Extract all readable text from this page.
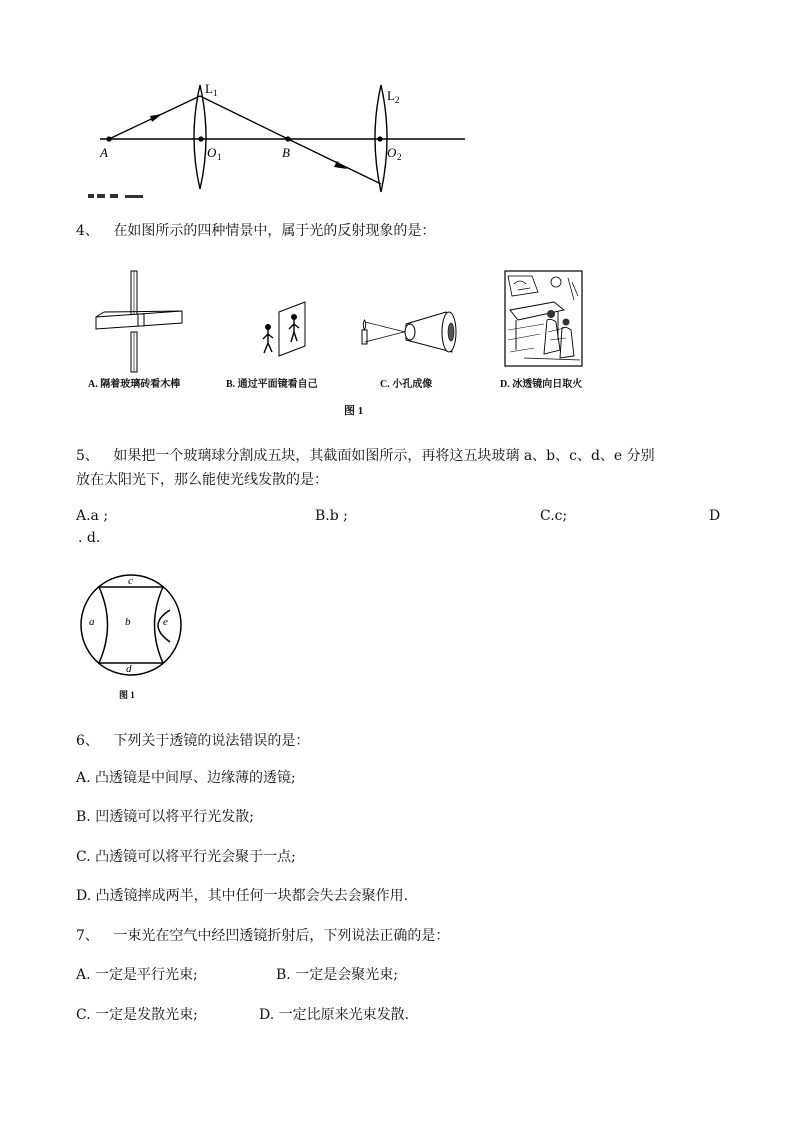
A	O 1	B	O 2
L 1	L 2
4、 在如图所示的四种情景中，属于光的反射现象的是：
A. 隔着玻璃砖看木棒	B. 通过平面镜看自己	C. 小孔成像	D. 冰透镜向日取火
图 1
5、 如果把一个玻璃球分割成五块，其截面如图所示，再将这五块玻璃 a、b、c、d、e 分别
放在太阳光下，那么能使光线发散的是：
A.a ;	B.b ;	C.c;	D
. d.
c
a	b	e
d
图 1
6、 下列关于透镜的说法错误的是：
A. 凸透镜是中间厚、边缘薄的透镜;
B. 凹透镜可以将平行光发散;
C. 凸透镜可以将平行光会聚于一点;
D. 凸透镜摔成两半，其中任何一块都会失去会聚作用.
7、 一束光在空气中经凹透镜折射后，下列说法正确的是：
A. 一定是平行光束;	B. 一定是会聚光束;
C. 一定是发散光束;	D. 一定比原来光束发散.
